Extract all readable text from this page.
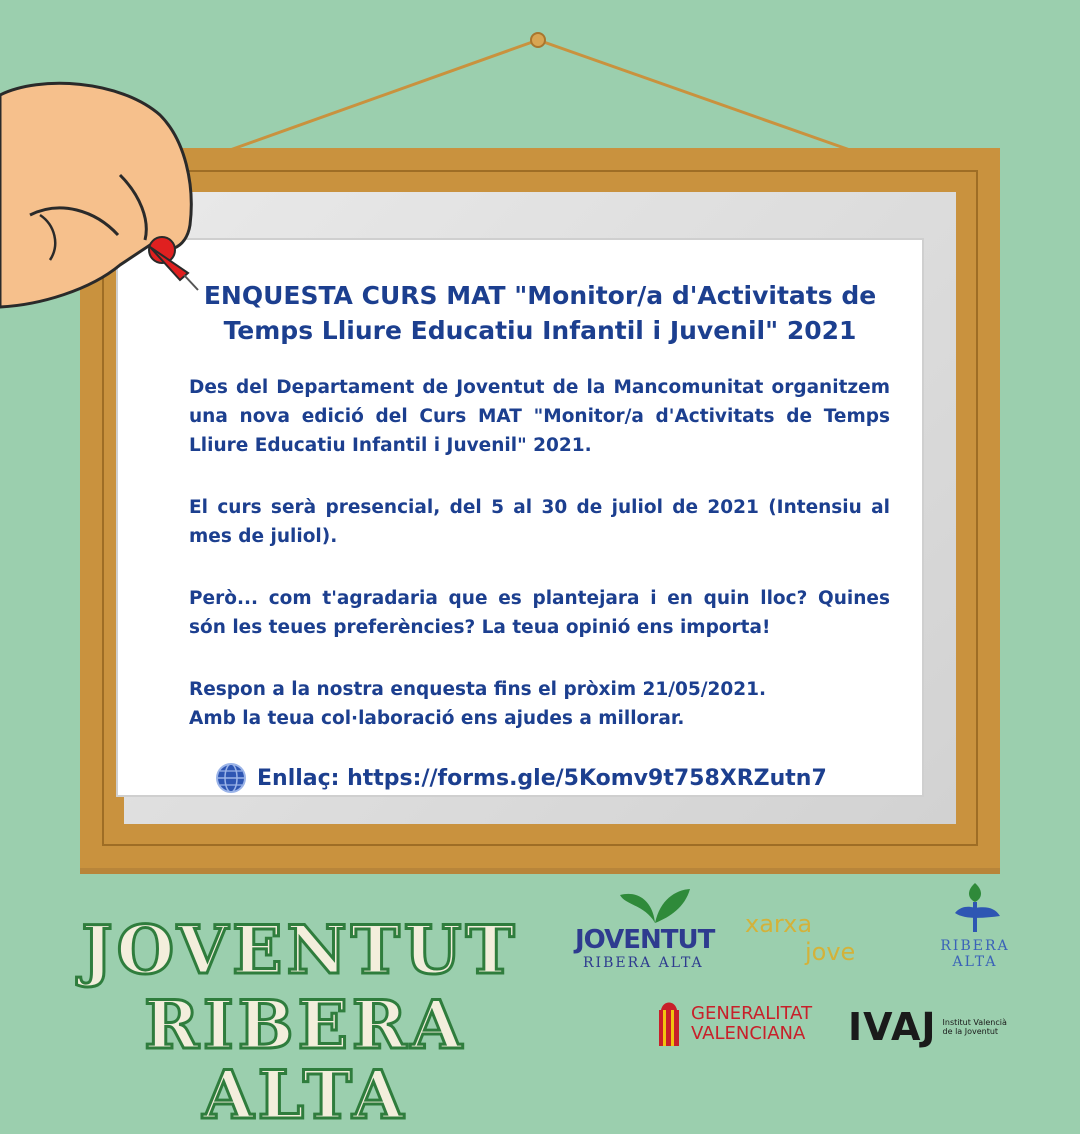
ENQUESTA CURS MAT "Monitor/a d'Activitats de Temps Lliure Educatiu Infantil i Juvenil" 2021
Des del Departament de Joventut de la Mancomunitat organitzem una nova edició del Curs MAT "Monitor/a d'Activitats de Temps Lliure Educatiu Infantil i Juvenil" 2021.
El curs serà presencial, del 5 al 30 de juliol de 2021 (Intensiu al mes de juliol).
Però... com t'agradaria que es plantejara i en quin lloc? Quines són les teues preferències? La teua opinió ens importa!
Respon a la nostra enquesta fins el pròxim 21/05/2021.
Amb la teua col·laboració ens ajudes a millorar.
Enllaç: https://forms.gle/5Komv9t758XRZutn7
JOVENTUT
RIBERA ALTA
JOVENTUT
RIBERA ALTA
xarxa
jove	RIBERA
ALTA
GENERALITAT
VALENCIANA IVAJ Institut Valencià
de la Joventut
